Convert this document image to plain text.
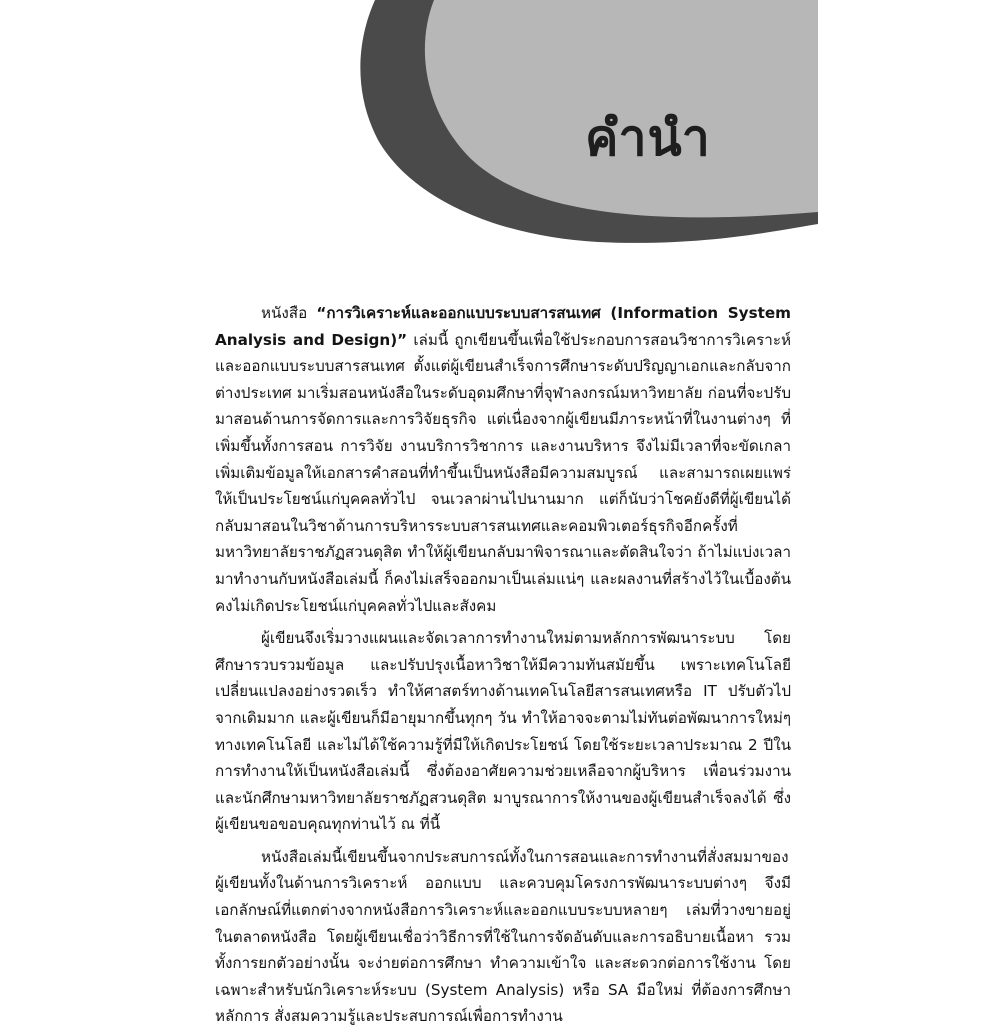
คำนำ

หนังสือ “การวิเคราะห์และออกแบบระบบสารสนเทศ (Information System Analysis and Design)” เล่มนี้ ถูกเขียนขึ้นเพื่อใช้ประกอบการสอนวิชาการวิเคราะห์และออกแบบระบบสารสนเทศ ตั้งแต่ผู้เขียนสำเร็จการศึกษาระดับปริญญาเอกและกลับจากต่างประเทศ มาเริ่มสอนหนังสือในระดับอุดมศึกษาที่จุฬาลงกรณ์มหาวิทยาลัย ก่อนที่จะปรับมาสอนด้านการจัดการและการวิจัยธุรกิจ แต่เนื่องจากผู้เขียนมีภาระหน้าที่ในงานต่างๆ ที่เพิ่มขึ้นทั้งการสอน การวิจัย งานบริการวิชาการ และงานบริหาร จึงไม่มีเวลาที่จะขัดเกลาเพิ่มเติมข้อมูลให้เอกสารคำสอนที่ทำขึ้นเป็นหนังสือมีความสมบูรณ์ และสามารถเผยแพร่ให้เป็นประโยชน์แก่บุคคลทั่วไป จนเวลาผ่านไปนานมาก แต่ก็นับว่าโชคยังดีที่ผู้เขียนได้กลับมาสอนในวิชาด้านการบริหารระบบสารสนเทศและคอมพิวเตอร์ธุรกิจอีกครั้งที่มหาวิทยาลัยราชภัฏสวนดุสิต ทำให้ผู้เขียนกลับมาพิจารณาและตัดสินใจว่า ถ้าไม่แบ่งเวลามาทำงานกับหนังสือเล่มนี้ ก็คงไม่เสร็จออกมาเป็นเล่มแน่ๆ และผลงานที่สร้างไว้ในเบื้องต้นคงไม่เกิดประโยชน์แก่บุคคลทั่วไปและสังคม

ผู้เขียนจึงเริ่มวางแผนและจัดเวลาการทำงานใหม่ตามหลักการพัฒนาระบบ โดยศึกษารวบรวมข้อมูล และปรับปรุงเนื้อหาวิชาให้มีความทันสมัยขึ้น เพราะเทคโนโลยีเปลี่ยนแปลงอย่างรวดเร็ว ทำให้ศาสตร์ทางด้านเทคโนโลยีสารสนเทศหรือ IT ปรับตัวไปจากเดิมมาก และผู้เขียนก็มีอายุมากขึ้นทุกๆ วัน ทำให้อาจจะตามไม่ทันต่อพัฒนาการใหม่ๆ ทางเทคโนโลยี และไม่ได้ใช้ความรู้ที่มีให้เกิดประโยชน์ โดยใช้ระยะเวลาประมาณ 2 ปีในการทำงานให้เป็นหนังสือเล่มนี้ ซึ่งต้องอาศัยความช่วยเหลือจากผู้บริหาร เพื่อนร่วมงาน และนักศึกษามหาวิทยาลัยราชภัฏสวนดุสิต มาบูรณาการให้งานของผู้เขียนสำเร็จลงได้ ซึ่งผู้เขียนขอขอบคุณทุกท่านไว้ ณ ที่นี้

หนังสือเล่มนี้เขียนขึ้นจากประสบการณ์ทั้งในการสอนและการทำงานที่สั่งสมมาของผู้เขียนทั้งในด้านการวิเคราะห์ ออกแบบ และควบคุมโครงการพัฒนาระบบต่างๆ จึงมีเอกลักษณ์ที่แตกต่างจากหนังสือการวิเคราะห์และออกแบบระบบหลายๆ เล่มที่วางขายอยู่ในตลาดหนังสือ โดยผู้เขียนเชื่อว่าวิธีการที่ใช้ในการจัดอันดับและการอธิบายเนื้อหา รวมทั้งการยกตัวอย่างนั้น จะง่ายต่อการศึกษา ทำความเข้าใจ และสะดวกต่อการใช้งาน โดยเฉพาะสำหรับนักวิเคราะห์ระบบ (System Analysis) หรือ SA มือใหม่ ที่ต้องการศึกษาหลักการ สั่งสมความรู้และประสบการณ์เพื่อการทำงาน
